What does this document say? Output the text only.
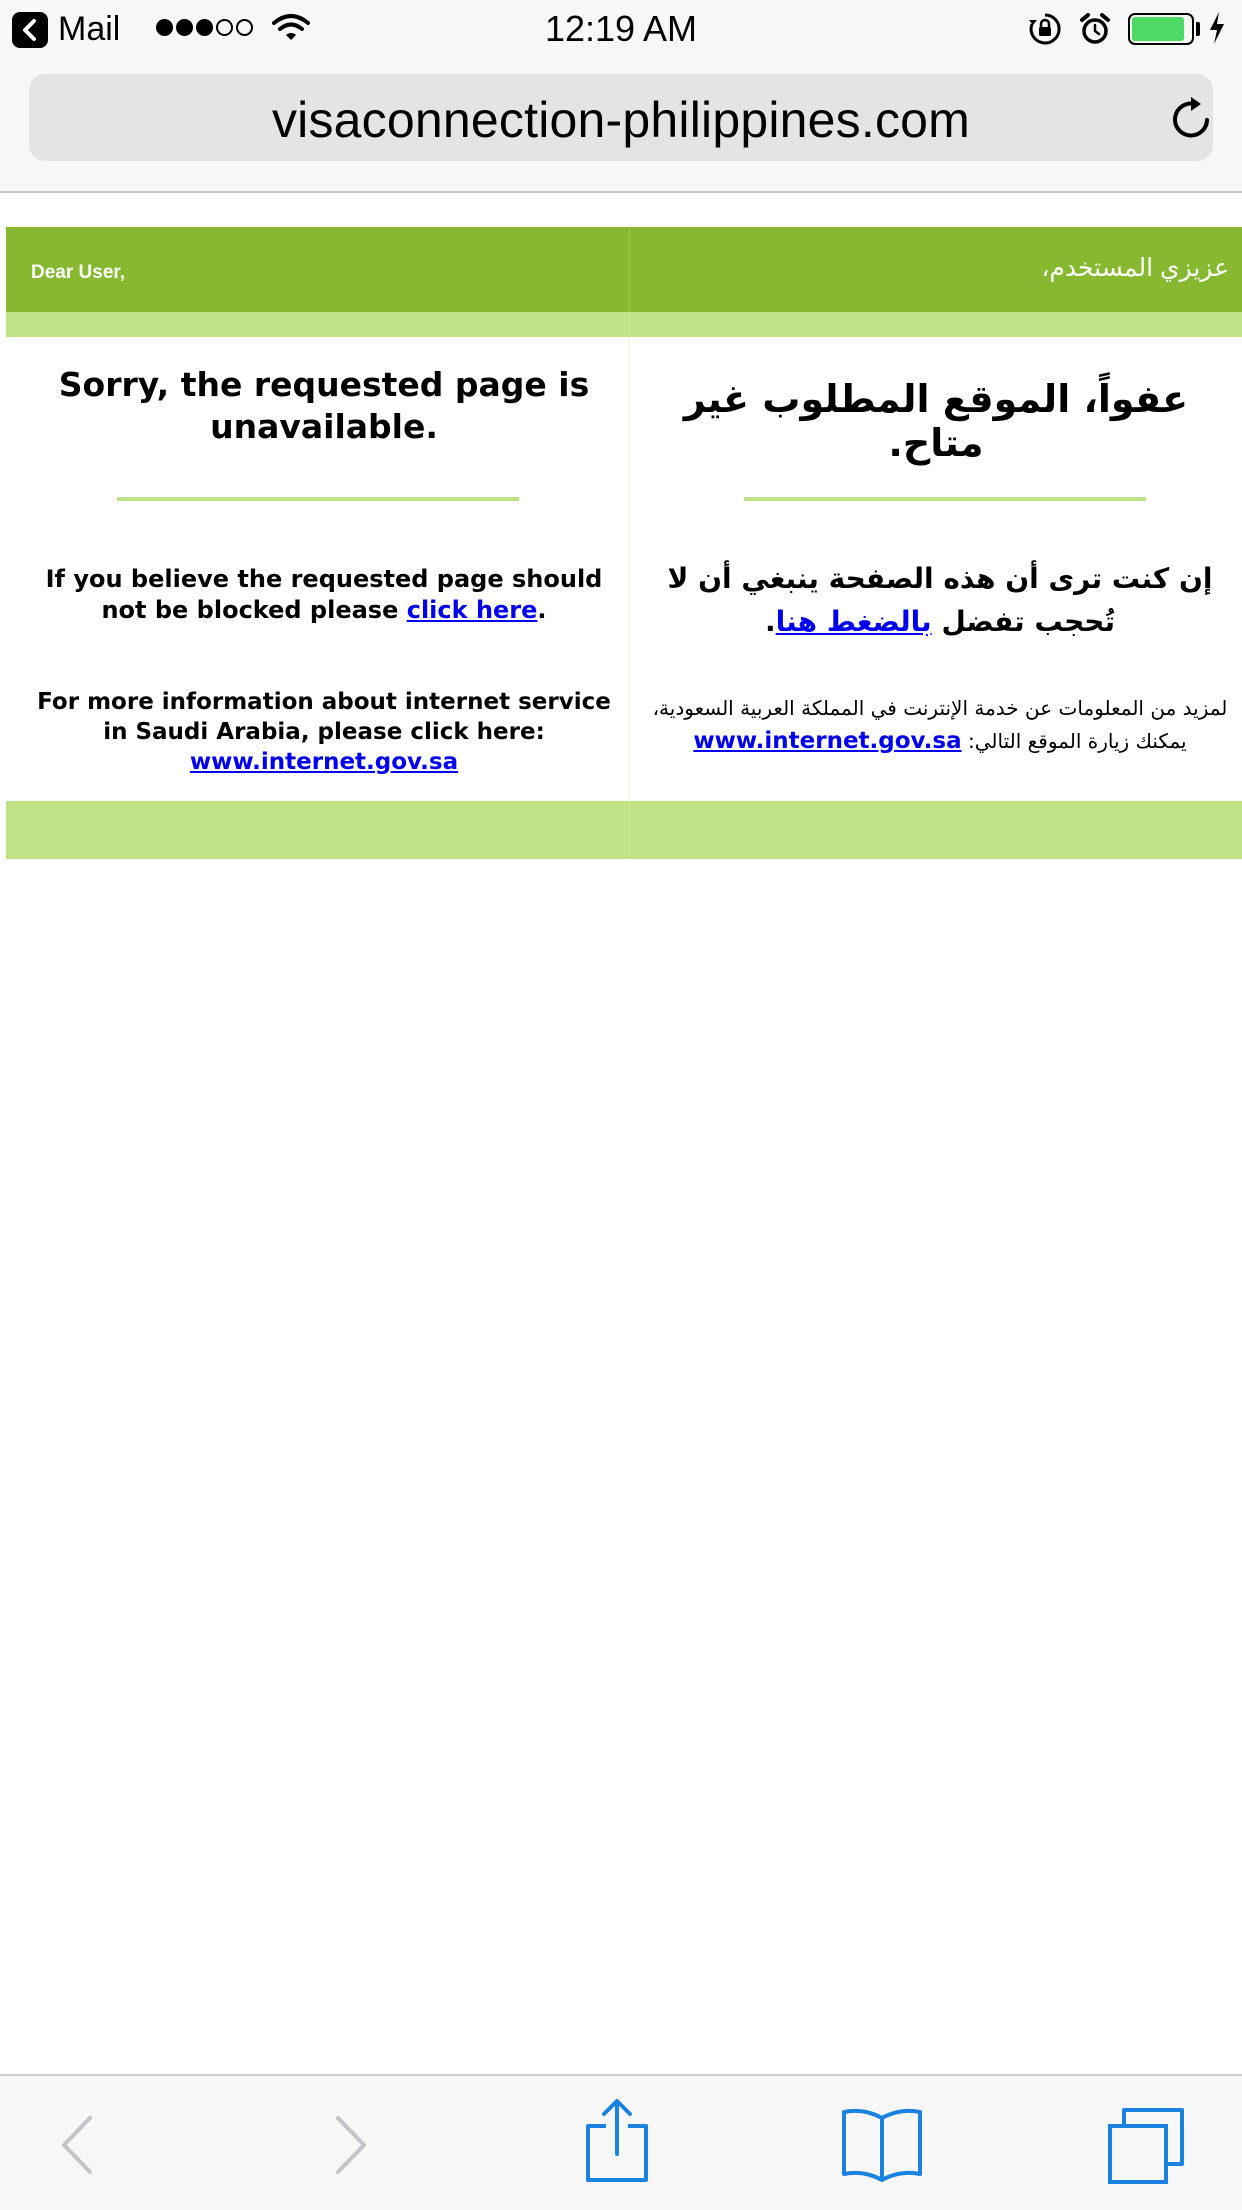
Mail	12:19 AM
visaconnection-philippines.com
Dear User,	عزيزي المستخدم،
Sorry, the requested page is unavailable.
If you believe the requested page should not be blocked please click here.
For more information about internet service in Saudi Arabia, please click here:
www.internet.gov.sa
عفواً، الموقع المطلوب غير متاح.
إن كنت ترى أن هذه الصفحة ينبغي أن لا تُحجب تفضل بالضغط هنا.
لمزيد من المعلومات عن خدمة الإنترنت في المملكة العربية السعودية، يمكنك زيارة الموقع التالي: www.internet.gov.sa
